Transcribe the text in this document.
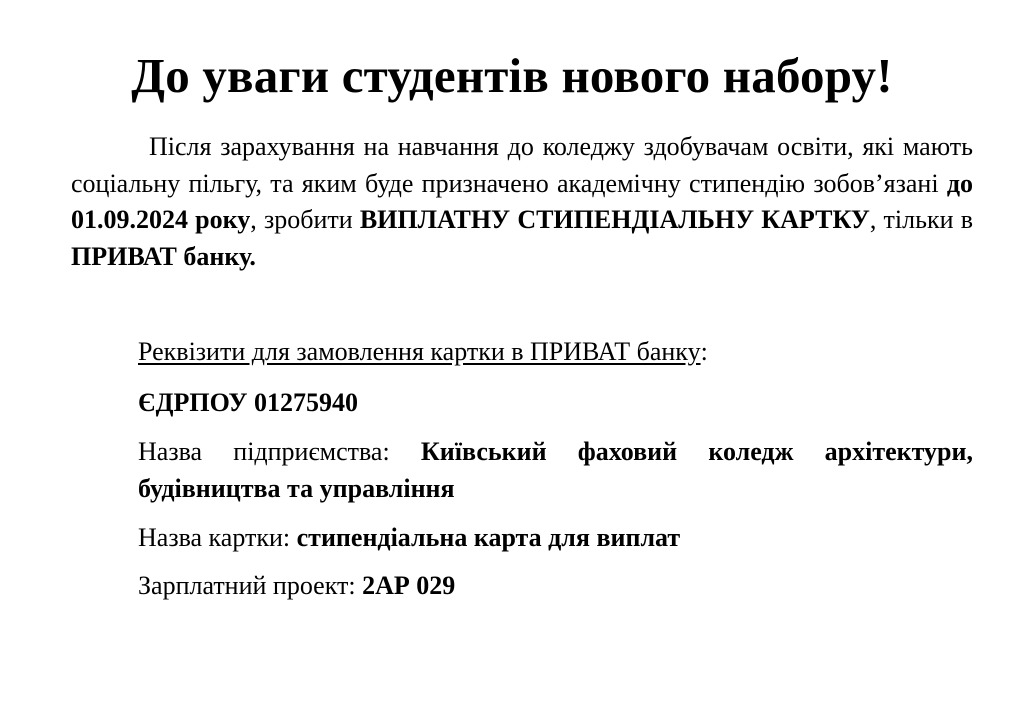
До уваги студентів нового набору!

Після зарахування на навчання до коледжу здобувачам освіти, які мають соціальну пільгу, та яким буде призначено академічну стипендію зобов’язані до 01.09.2024 року, зробити ВИПЛАТНУ СТИПЕНДІАЛЬНУ КАРТКУ, тільки в ПРИВАТ банку.

Реквізити для замовлення картки в ПРИВАТ банку:

ЄДРПОУ 01275940

Назва підприємства: Київський фаховий коледж архітектури, будівництва та управління

Назва картки: стипендіальна карта для виплат

Зарплатний проект: 2АР 029
